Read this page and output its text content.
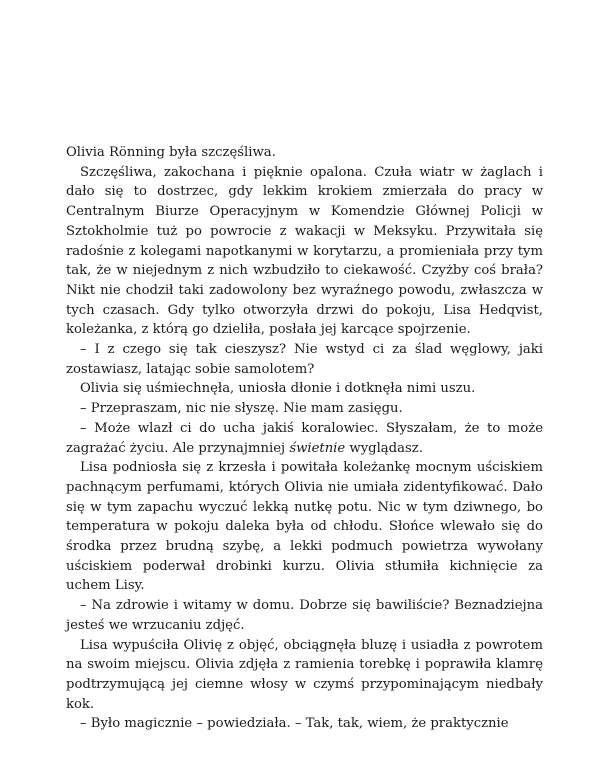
Olivia Rönning była szczęśliwa.

Szczęśliwa, zakochana i pięknie opalona. Czuła wiatr w żaglach i dało się to dostrzec, gdy lekkim krokiem zmierzała do pracy w Centralnym Biurze Operacyjnym w Komendzie Głównej Policji w Sztokholmie tuż po powrocie z wakacji w Meksyku. Przywitała się radośnie z kolegami napotkanymi w korytarzu, a promieniała przy tym tak, że w niejednym z nich wzbudziło to ciekawość. Czyżby coś brała? Nikt nie chodził taki zadowolony bez wyraźnego powodu, zwłaszcza w tych czasach. Gdy tylko otworzyła drzwi do pokoju, Lisa Hedqvist, koleżanka, z którą go dzieliła, posłała jej karcące spojrzenie.

– I z czego się tak cieszysz? Nie wstyd ci za ślad węglowy, jaki zostawiasz, latając sobie samolotem?

Olivia się uśmiechnęła, uniosła dłonie i dotknęła nimi uszu.

– Przepraszam, nic nie słyszę. Nie mam zasięgu.

– Może wlazł ci do ucha jakiś koralowiec. Słyszałam, że to może zagrażać życiu. Ale przynajmniej świetnie wyglądasz.

Lisa podniosła się z krzesła i powitała koleżankę mocnym uściskiem pachnącym perfumami, których Olivia nie umiała zidentyfikować. Dało się w tym zapachu wyczuć lekką nutkę potu. Nic w tym dziwnego, bo temperatura w pokoju daleka była od chłodu. Słońce wlewało się do środka przez brudną szybę, a lekki podmuch powietrza wywołany uściskiem poderwał drobinki kurzu. Olivia stłumiła kichnięcie za uchem Lisy.

– Na zdrowie i witamy w domu. Dobrze się bawiliście? Beznadziejna jesteś we wrzucaniu zdjęć.

Lisa wypuściła Olivię z objęć, obciągnęła bluzę i usiadła z powrotem na swoim miejscu. Olivia zdjęła z ramienia torebkę i poprawiła klamrę podtrzymującą jej ciemne włosy w czymś przypominającym niedbały kok.

– Było magicznie – powiedziała. – Tak, tak, wiem, że praktycznie
